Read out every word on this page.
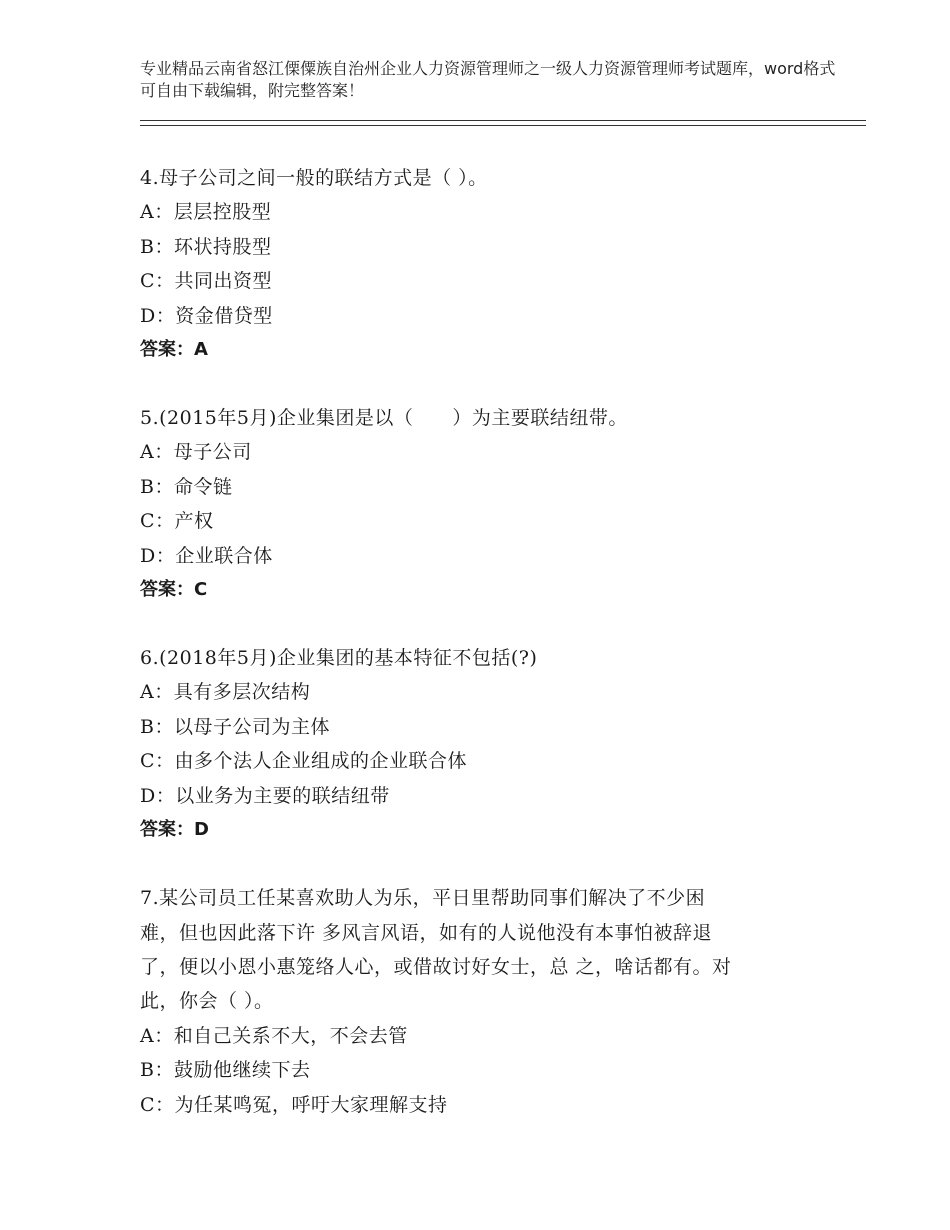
专业精品云南省怒江傈僳族自治州企业人力资源管理师之一级人力资源管理师考试题库，word格式可自由下载编辑，附完整答案！
4.母子公司之间一般的联结方式是（ ）。
A：层层控股型
B：环状持股型
C：共同出资型
D：资金借贷型
答案：A
5.(2015年5月)企业集团是以（　　）为主要联结纽带。
A：母子公司
B：命令链
C：产权
D：企业联合体
答案：C
6.(2018年5月)企业集团的基本特征不包括(?)
A：具有多层次结构
B：以母子公司为主体
C：由多个法人企业组成的企业联合体
D：以业务为主要的联结纽带
答案：D
7.某公司员工任某喜欢助人为乐，平日里帮助同事们解决了不少困
难，但也因此落下许 多风言风语，如有的人说他没有本事怕被辞退
了，便以小恩小惠笼络人心，或借故讨好女士，总 之，啥话都有。对
此，你会（ ）。
A：和自己关系不大，不会去管
B：鼓励他继续下去
C：为任某鸣冤，呼吁大家理解支持
